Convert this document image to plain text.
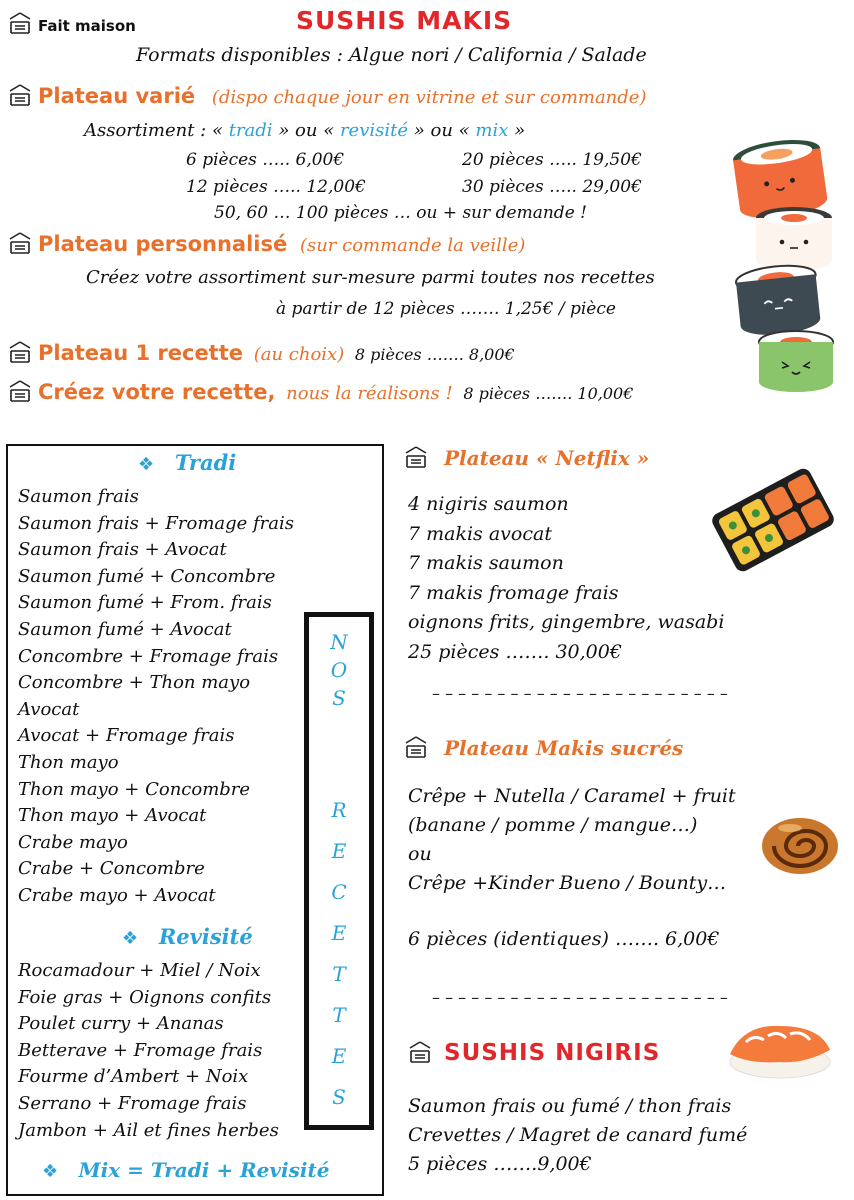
Fait maison	SUSHIS MAKIS
Formats disponibles : Algue nori / California / Salade
Plateau varié (dispo chaque jour en vitrine et sur commande)
Assortiment : « tradi » ou « revisité » ou « mix »
6 pièces ….. 6,00€	20 pièces ….. 19,50€
12 pièces ….. 12,00€	30 pièces ….. 29,00€
50, 60 … 100 pièces … ou + sur demande !
Plateau personnalisé (sur commande la veille)
Créez votre assortiment sur-mesure parmi toutes nos recettes
à partir de 12 pièces ……. 1,25€ / pièce
Plateau 1 recette (au choix) 8 pièces ……. 8,00€
Créez votre recette, nous la réalisons ! 8 pièces ……. 10,00€
❖ Tradi
Saumon frais
Saumon frais + Fromage frais
Saumon frais + Avocat
Saumon fumé + Concombre
Saumon fumé + From. frais
Saumon fumé + Avocat
Concombre + Fromage frais
Concombre + Thon mayo
Avocat
Avocat + Fromage frais
Thon mayo
Thon mayo + Concombre
Thon mayo + Avocat
Crabe mayo
Crabe + Concombre
Crabe mayo + Avocat
❖ Revisité
Rocamadour + Miel / Noix
Foie gras + Oignons confits
Poulet curry + Ananas
Betterave + Fromage frais
Fourme d’Ambert + Noix
Serrano + Fromage frais
Jambon + Ail et fines herbes
❖ Mix = Tradi + Revisité
N
O
S
R
E
C
E
T
T
E
S
Plateau « Netflix »
4 nigiris saumon
7 makis avocat
7 makis saumon
7 makis fromage frais
oignons frits, gingembre, wasabi
25 pièces ……. 30,00€
– – – – – – – – – – – – – – – – – – – – – – –
Plateau Makis sucrés
Crêpe + Nutella / Caramel + fruit
(banane / pomme / mangue…)
ou
Crêpe +Kinder Bueno / Bounty…
6 pièces (identiques) ……. 6,00€
– – – – – – – – – – – – – – – – – – – – – – –
SUSHIS NIGIRIS
Saumon frais ou fumé / thon frais
Crevettes / Magret de canard fumé
5 pièces …….9,00€
